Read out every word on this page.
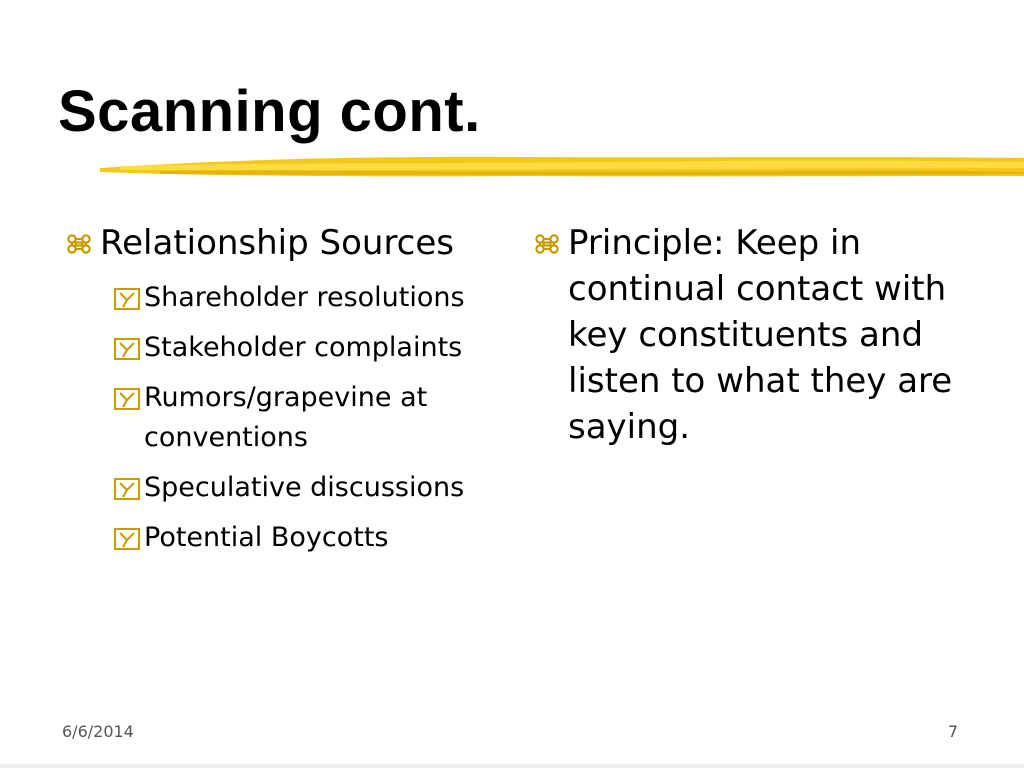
Scanning cont.
Relationship Sources
Shareholder resolutions
Stakeholder complaints
Rumors/grapevine at conventions
Speculative discussions
Potential Boycotts
Principle: Keep in continual contact with key constituents and listen to what they are saying.
6/6/2014	7
